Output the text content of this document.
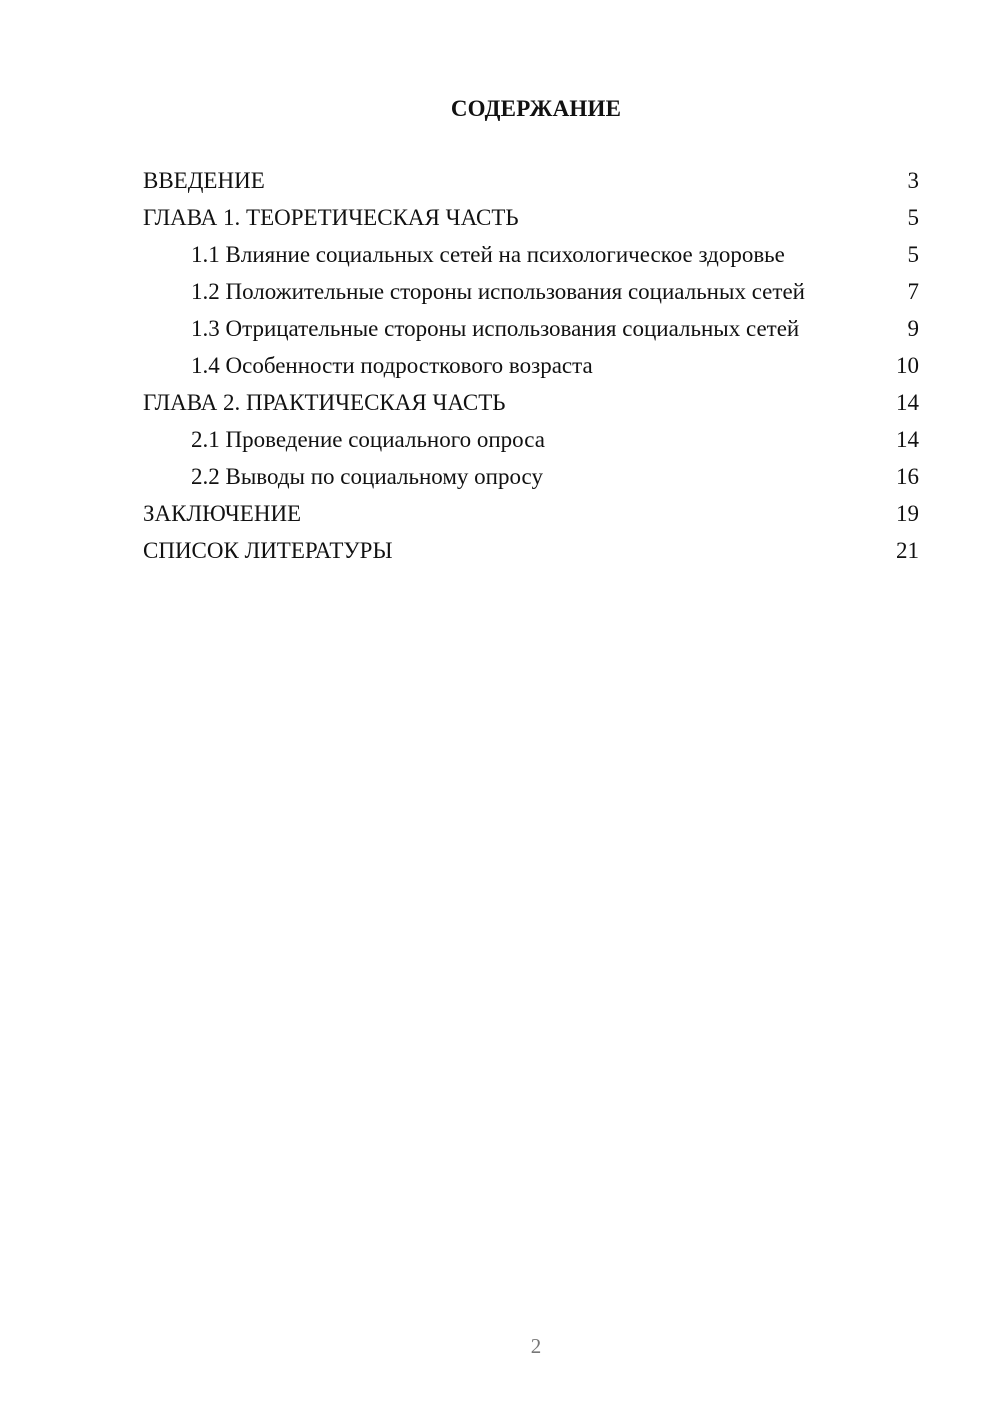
СОДЕРЖАНИЕ
ВВЕДЕНИЕ	3
ГЛАВА 1. ТЕОРЕТИЧЕСКАЯ ЧАСТЬ	5
1.1 Влияние социальных сетей на психологическое здоровье	5
1.2 Положительные стороны использования социальных сетей	7
1.3 Отрицательные стороны использования социальных сетей	9
1.4 Особенности подросткового возраста	10
ГЛАВА 2. ПРАКТИЧЕСКАЯ ЧАСТЬ	14
2.1 Проведение социального опроса	14
2.2 Выводы по социальному опросу	16
ЗАКЛЮЧЕНИЕ	19
СПИСОК ЛИТЕРАТУРЫ	21
2
